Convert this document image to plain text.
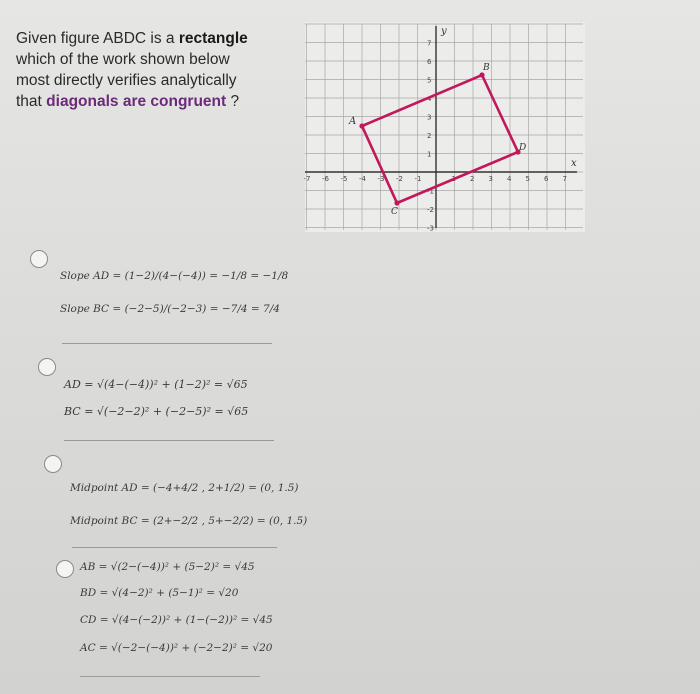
Given figure ABDC is a rectangle
which of the work shown below
most directly verifies analytically
that diagonals are congruent ?
y
x
-7 -6 -5 -4 -3 -2 -1	1 2 3 4 5 6 7
7
6
5
4
3
2
1
-1
-2
-3
A
B
D
C
Slope AD = (1−2)/(4−(−4)) = −1/8 = −1/8
Slope BC = (−2−5)/(−2−3) = −7/4 = 7/4
AD = √(4−(−4))² + (1−2)² = √65
BC = √(−2−2)² + (−2−5)² = √65
Midpoint AD = (−4+4/2 , 2+1/2) = (0, 1.5)
Midpoint BC = (2+−2/2 , 5+−2/2) = (0, 1.5)
AB = √(2−(−4))² + (5−2)² = √45
BD = √(4−2)² + (5−1)² = √20
CD = √(4−(−2))² + (1−(−2))² = √45
AC = √(−2−(−4))² + (−2−2)² = √20
